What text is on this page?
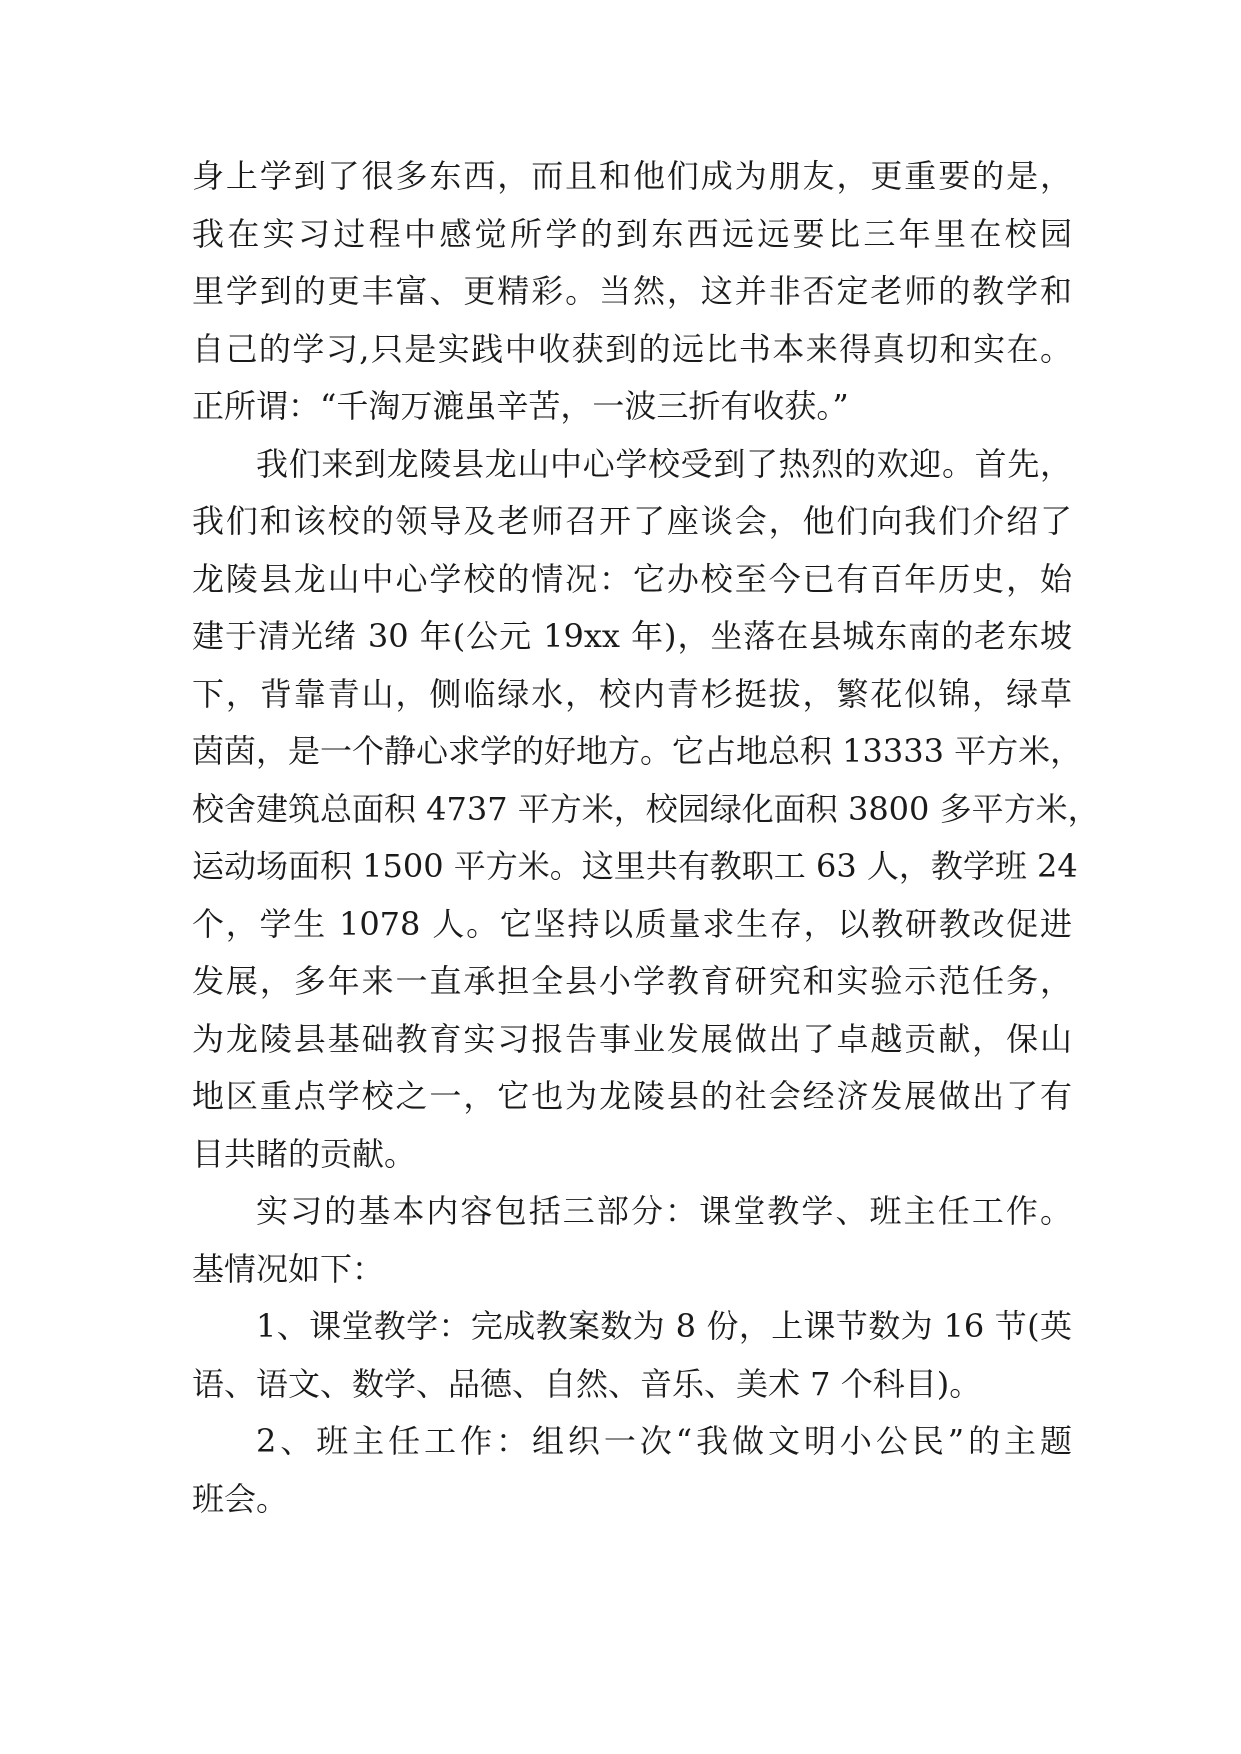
身上学到了很多东西，而且和他们成为朋友，更重要的是，
我在实习过程中感觉所学的到东西远远要比三年里在校园
里学到的更丰富、更精彩。当然，这并非否定老师的教学和
自己的学习,只是实践中收获到的远比书本来得真切和实在。
正所谓：“千淘万漉虽辛苦，一波三折有收获。”
我们来到龙陵县龙山中心学校受到了热烈的欢迎。首先，
我们和该校的领导及老师召开了座谈会，他们向我们介绍了
龙陵县龙山中心学校的情况：它办校至今已有百年历史，始
建于清光绪 30 年(公元 19xx 年)，坐落在县城东南的老东坡
下，背靠青山，侧临绿水，校内青杉挺拔，繁花似锦，绿草
茵茵，是一个静心求学的好地方。它占地总积 13333 平方米，
校舍建筑总面积 4737 平方米，校园绿化面积 3800 多平方米，
运动场面积 1500 平方米。这里共有教职工 63 人，教学班 24
个，学生 1078 人。它坚持以质量求生存，以教研教改促进
发展，多年来一直承担全县小学教育研究和实验示范任务，
为龙陵县基础教育实习报告事业发展做出了卓越贡献，保山
地区重点学校之一，它也为龙陵县的社会经济发展做出了有
目共睹的贡献。
实习的基本内容包括三部分：课堂教学、班主任工作。
基情况如下：
1、课堂教学：完成教案数为 8 份，上课节数为 16 节(英
语、语文、数学、品德、自然、音乐、美术 7 个科目)。
2、班主任工作：组织一次“我做文明小公民”的主题
班会。
